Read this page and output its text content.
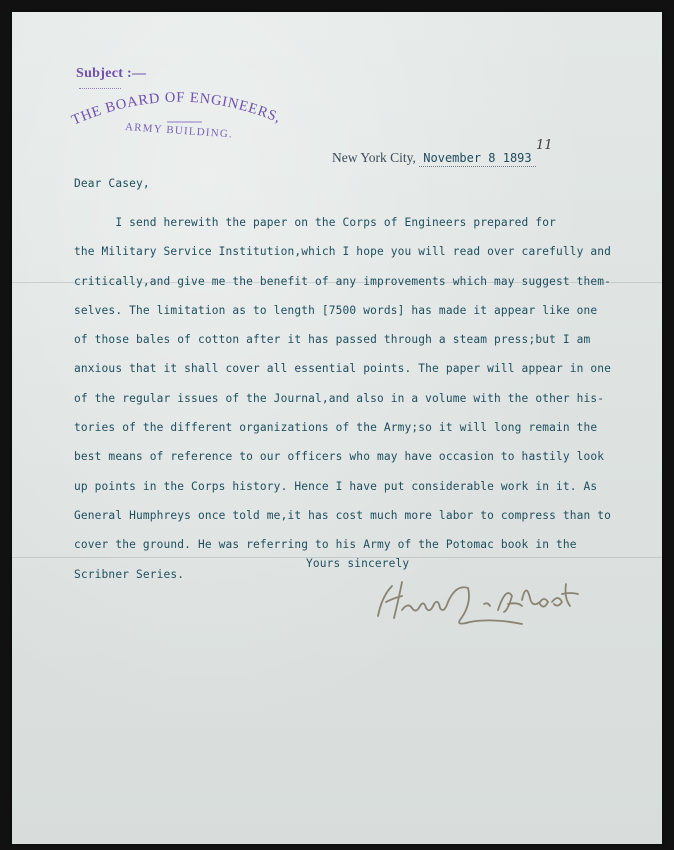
Subject :—
THE BOARD OF ENGINEERS,
ARMY BUILDING.
11
New York City, November 8 1893
Dear Casey,
I send herewith the paper on the Corps of Engineers prepared for
the Military Service Institution,which I hope you will read over carefully and
critically,and give me the benefit of any improvements which may suggest them-
selves. The limitation as to length [7500 words] has made it appear like one
of those bales of cotton after it has passed through a steam press;but I am
anxious that it shall cover all essential points. The paper will appear in one
of the regular issues of the Journal,and also in a volume with the other his-
tories of the different organizations of the Army;so it will long remain the
best means of reference to our officers who may have occasion to hastily look
up points in the Corps history. Hence I have put considerable work in it. As
General Humphreys once told me,it has cost much more labor to compress than to
cover the ground. He was referring to his Army of the Potomac book in the
Scribner Series.
Yours sincerely
